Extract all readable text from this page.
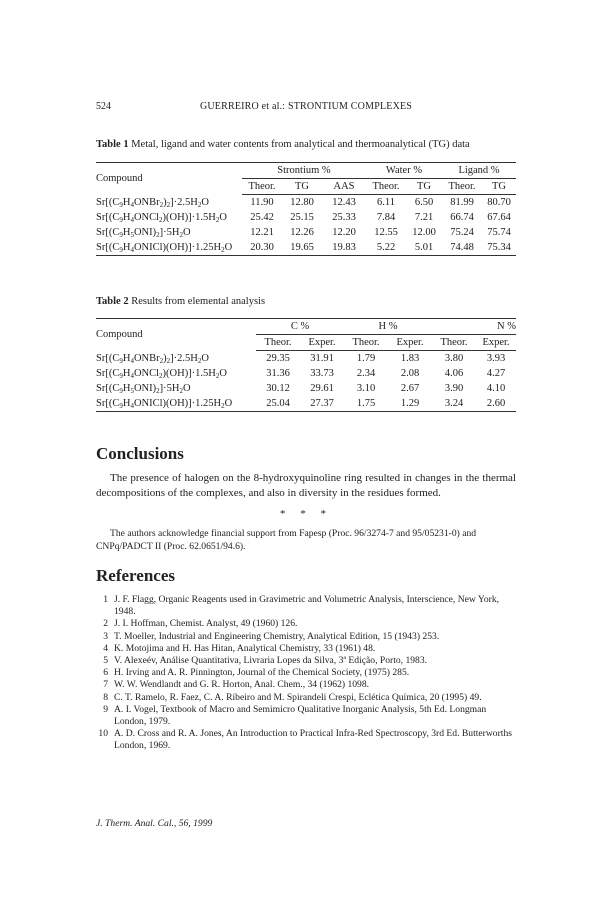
524	GUERREIRO et al.: STRONTIUM COMPLEXES
Table 1 Metal, ligand and water contents from analytical and thermoanalytical (TG) data
Compound	Strontium %			Water %		Ligand %	
	Theor.	TG	AAS	Theor.	TG	Theor.	TG
$Sr[(C_9H_4ONBr_2)_2]\cdot 2.5H_2O$	11.90	12.80	12.43	6.11	6.50	81.99	80.70
$Sr[(C_9H_4ONCl_2)(OH)]\cdot 1.5H_2O$	25.42	25.15	25.33	7.84	7.21	66.74	67.64
$Sr[(C_9H_5ONI)_2]\cdot 5H_2O$	12.21	12.26	12.20	12.55	12.00	75.24	75.74
$Sr[(C_9H_4ONICl)(OH)]\cdot 1.25H_2O$	20.30	19.65	19.83	5.22	5.01	74.48	75.34
Table 2 Results from elemental analysis
Compound	C %		H %		N %	
	Theor.	Exper.	Theor.	Exper.	Theor.	Exper.
$Sr[(C_9H_4ONBr_2)_2]\cdot 2.5H_2O$	29.35	31.91	1.79	1.83	3.80	3.93
$Sr[(C_9H_4ONCl_2)(OH)]\cdot 1.5H_2O$	31.36	33.73	2.34	2.08	4.06	4.27
$Sr[(C_9H_5ONI)_2]\cdot 5H_2O$	30.12	29.61	3.10	2.67	3.90	4.10
$Sr[(C_9H_4ONICl)(OH)]\cdot 1.25H_2O$	25.04	27.37	1.75	1.29	3.24	2.60
Conclusions
The presence of halogen on the 8-hydroxyquinoline ring resulted in changes in the thermal decompositions of the complexes, and also in diversity in the residues formed.
* * *
The authors acknowledge financial support from Fapesp (Proc. 96/3274-7 and 95/05231-0) and CNPq/PADCT II (Proc. 62.0651/94.6).
References
1 J. F. Flagg, Organic Reagents used in Gravimetric and Volumetric Analysis, Interscience, New York, 1948.
2 J. I. Hoffman, Chemist. Analyst, 49 (1960) 126.
3 T. Moeller, Industrial and Engineering Chemistry, Analytical Edition, 15 (1943) 253.
4 K. Motojima and H. Has Hitan, Analytical Chemistry, 33 (1961) 48.
5 V. Alexeév, Análise Quantitativa, Livraria Lopes da Silva, 3ª Edição, Porto, 1983.
6 H. Irving and A. R. Pinnington, Journal of the Chemical Society, (1975) 285.
7 W. W. Wendlandt and G. R. Horton, Anal. Chem., 34 (1962) 1098.
8 C. T. Ramelo, R. Faez, C. A. Ribeiro and M. Spirandeli Crespi, Eclética Química, 20 (1995) 49.
9 A. I. Vogel, Textbook of Macro and Semimicro Qualitative Inorganic Analysis, 5th Ed. Longman London, 1979.
10 A. D. Cross and R. A. Jones, An Introduction to Practical Infra-Red Spectroscopy, 3rd Ed. Butterworths London, 1969.
J. Therm. Anal. Cal., 56, 1999
